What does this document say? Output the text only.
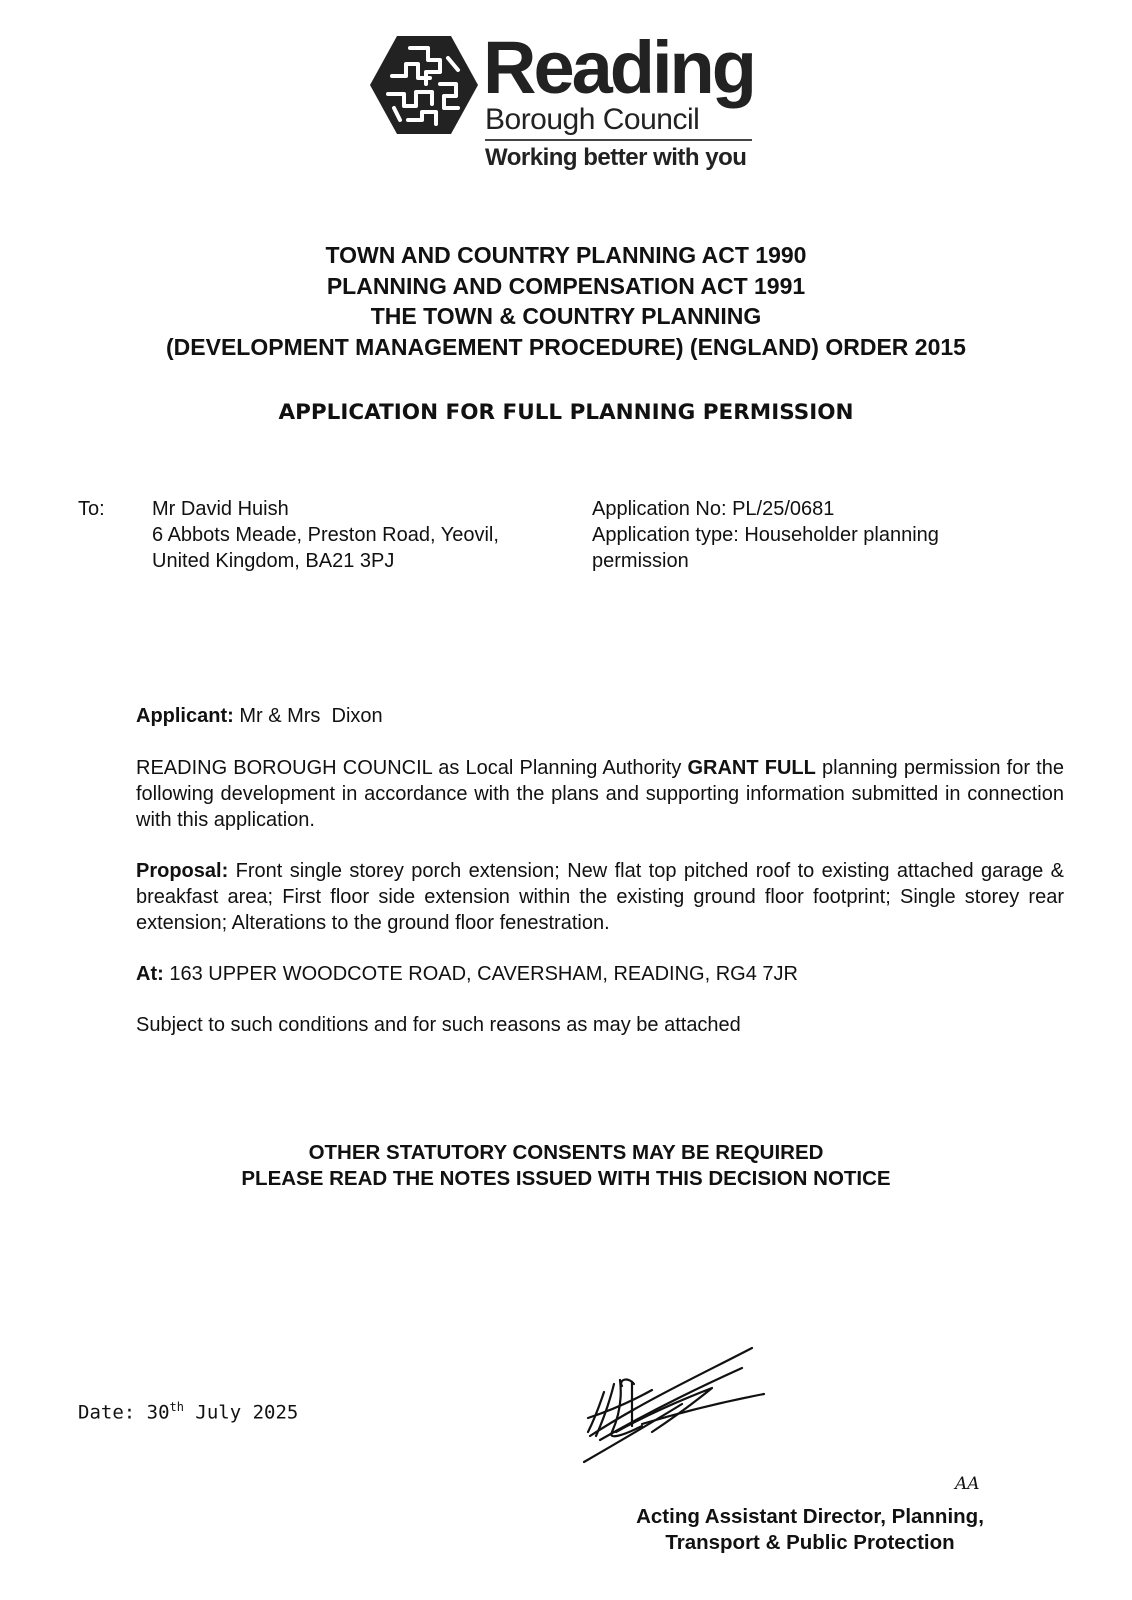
Reading
Borough Council
Working better with you
TOWN AND COUNTRY PLANNING ACT 1990
PLANNING AND COMPENSATION ACT 1991
THE TOWN & COUNTRY PLANNING
(DEVELOPMENT MANAGEMENT PROCEDURE) (ENGLAND) ORDER 2015
APPLICATION FOR FULL PLANNING PERMISSION
To: Mr David Huish
6 Abbots Meade, Preston Road, Yeovil,
United Kingdom, BA21 3PJ
Application No: PL/25/0681
Application type: Householder planning
permission
Applicant: Mr & Mrs  Dixon
READING BOROUGH COUNCIL as Local Planning Authority GRANT FULL planning permission for the following development in accordance with the plans and supporting information submitted in connection with this application.
Proposal: Front single storey porch extension; New flat top pitched roof to existing attached garage & breakfast area; First floor side extension within the existing ground floor footprint; Single storey rear extension; Alterations to the ground floor fenestration.
At: 163 UPPER WOODCOTE ROAD, CAVERSHAM, READING, RG4 7JR
Subject to such conditions and for such reasons as may be attached
OTHER STATUTORY CONSENTS MAY BE REQUIRED
PLEASE READ THE NOTES ISSUED WITH THIS DECISION NOTICE
Date: 30th July 2025
AA
Acting Assistant Director, Planning,
Transport & Public Protection
